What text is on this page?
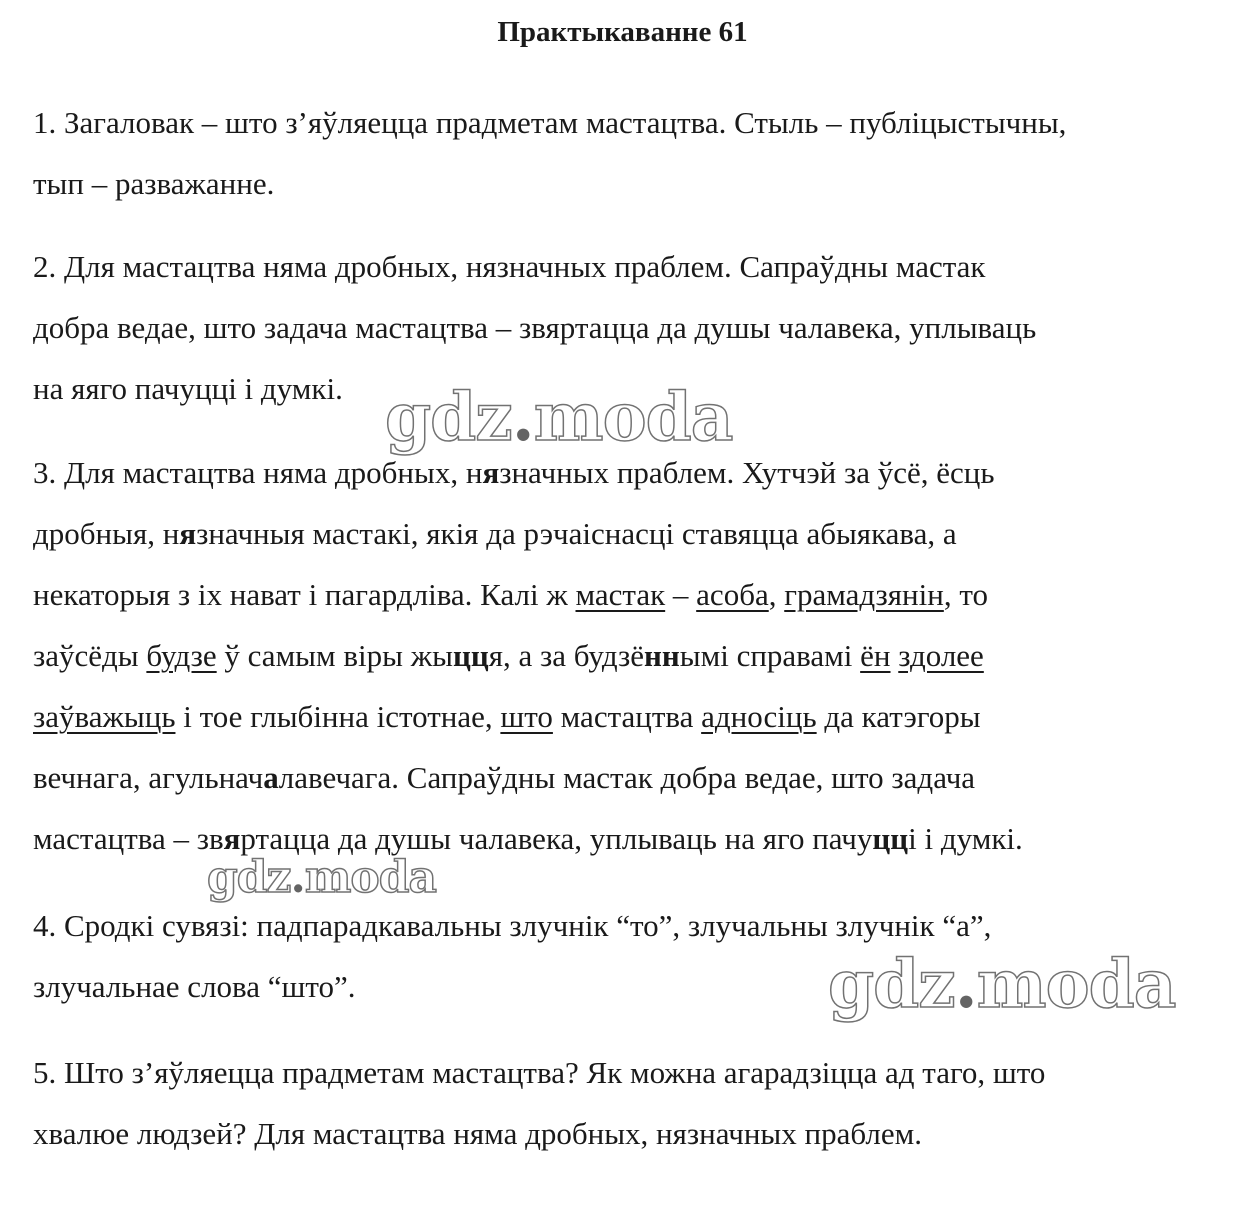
Практыкаванне 61
1. Загаловак – што з’яўляецца прадметам мастацтва. Стыль – публіцыстычны,
тып – разважанне.
2. Для мастацтва няма дробных, нязначных праблем. Сапраўдны мастак
добра ведае, што задача мастацтва – звяртацца да душы чалавека, уплываць
на яяго пачуцці і думкі.
3. Для мастацтва няма дробных, нязначных праблем. Хутчэй за ўсё, ёсць
дробныя, нязначныя мастакі, якія да рэчаіснасці ставяцца абыякава, а
некаторыя з іх нават і пагардліва. Калі ж мастак – асоба, грамадзянін, то
заўсёды будзе ў самым віры жыцця, а за будзённымі справамі ён здолее
заўважыць і тое глыбінна істотнае, што мастацтва адносіць да катэгоры
вечнага, агульначалавечага. Сапраўдны мастак добра ведае, што задача
мастацтва – звяртацца да душы чалавека, уплываць на яго пачуцці і думкі.
4. Сродкі сувязі: падпарадкавальны злучнік “то”, злучальны злучнік “а”,
злучальнае слова “што”.
5. Што з’яўляецца прадметам мастацтва? Як можна агарадзіцца ад таго, што
хвалюе людзей? Для мастацтва няма дробных, нязначных праблем.
gdz.moda
gdz.moda
gdz.moda
